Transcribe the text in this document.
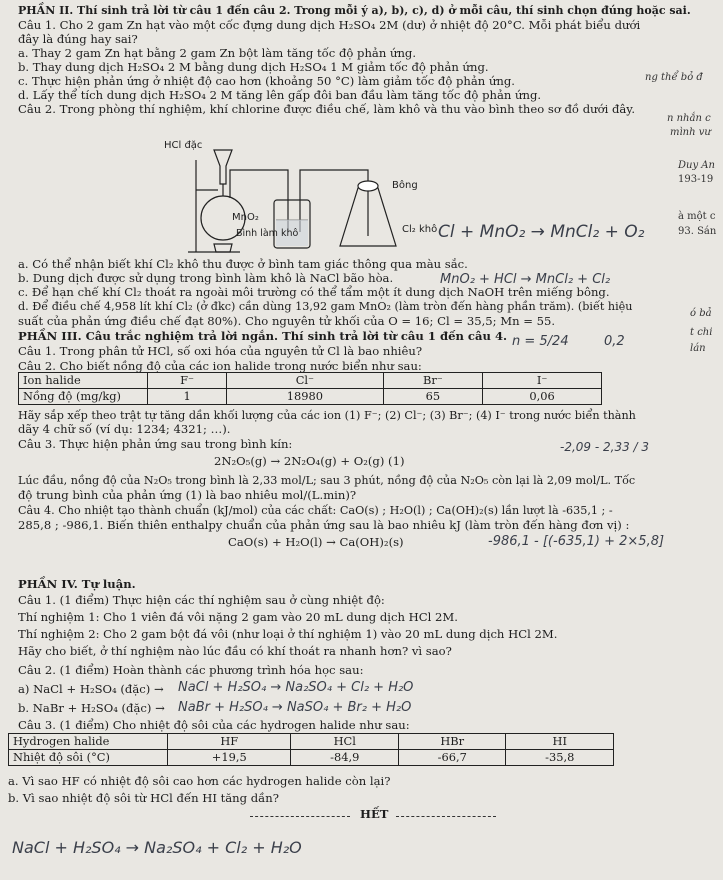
PHẦN II. Thí sinh trả lời từ câu 1 đến câu 2. Trong mỗi ý a), b), c), d) ở mỗi câu, thí sinh chọn đúng hoặc sai.
Câu 1. Cho 2 gam Zn hạt vào một cốc đựng dung dịch H₂SO₄ 2M (dư) ở nhiệt độ 20°C. Mỗi phát biểu dưới
đây là đúng hay sai?
a. Thay 2 gam Zn hạt bằng 2 gam Zn bột làm tăng tốc độ phản ứng.
b. Thay dung dịch H₂SO₄ 2 M bằng dung dịch H₂SO₄ 1 M giảm tốc độ phản ứng.
c. Thực hiện phản ứng ở nhiệt độ cao hơn (khoảng 50 °C) làm giảm tốc độ phản ứng.
d. Lấy thể tích dung dịch H₂SO₄ 2 M tăng lên gấp đôi ban đầu làm tăng tốc độ phản ứng.
Câu 2. Trong phòng thí nghiệm, khí chlorine được điều chế, làm khô và thu vào bình theo sơ đồ dưới đây.
ng thể bỏ đ
n nhắn c
mình vư
Duy An
193-19
à một c
93. Sán
ó bả
t chi
lán
HCl đặc
MnO₂
Bình làm khô
Bông
Cl₂ khô Cl + MnO₂ → MnCl₂ + O₂
MnO₂ + HCl → MnCl₂ + Cl₂
a. Có thể nhận biết khí Cl₂ khô thu được ở bình tam giác thông qua màu sắc.
b. Dung dịch được sử dụng trong bình làm khô là NaCl bão hòa.
c. Để hạn chế khí Cl₂ thoát ra ngoài môi trường có thể tẩm một ít dung dịch NaOH trên miếng bông.
d. Để điều chế 4,958 lít khí Cl₂ (ở đkc) cần dùng 13,92 gam MnO₂ (làm tròn đến hàng phần trăm). (biết hiệu
suất của phản ứng điều chế đạt 80%). Cho nguyên tử khối của O = 16; Cl = 35,5; Mn = 55.
PHẦN III. Câu trắc nghiệm trả lời ngắn. Thí sinh trả lời từ câu 1 đến câu 4. n = 5/24	0,2
Câu 1. Trong phân tử HCl, số oxi hóa của nguyên tử Cl là bao nhiêu?
Câu 2. Cho biết nồng độ của các ion halide trong nước biển như sau:
Ion halide	F⁻	Cl⁻	Br⁻	I⁻
Nồng độ (mg/kg)	1	18980	65	0,06
Hãy sắp xếp theo trật tự tăng dần khối lượng của các ion (1) F⁻; (2) Cl⁻; (3) Br⁻; (4) I⁻ trong nước biển thành
dãy 4 chữ số (ví dụ: 1234; 4321; …).
Câu 3. Thực hiện phản ứng sau trong bình kín:	-2,09 - 2,33 / 3
2N₂O₅(g) → 2N₂O₄(g) + O₂(g) (1)
Lúc đầu, nồng độ của N₂O₅ trong bình là 2,33 mol/L; sau 3 phút, nồng độ của N₂O₅ còn lại là 2,09 mol/L. Tốc
độ trung bình của phản ứng (1) là bao nhiêu mol/(L.min)?
Câu 4. Cho nhiệt tạo thành chuẩn (kJ/mol) của các chất: CaO(s) ; H₂O(l) ; Ca(OH)₂(s) lần lượt là -635,1 ; -
285,8 ; -986,1. Biến thiên enthalpy chuẩn của phản ứng sau là bao nhiêu kJ (làm tròn đến hàng đơn vị) :
CaO(s) + H₂O(l) → Ca(OH)₂(s)	-986,1 - [(-635,1) + 2×5,8]
PHẦN IV. Tự luận.
Câu 1. (1 điểm) Thực hiện các thí nghiệm sau ở cùng nhiệt độ:
Thí nghiệm 1: Cho 1 viên đá vôi nặng 2 gam vào 20 mL dung dịch HCl 2M.
Thí nghiệm 2: Cho 2 gam bột đá vôi (như loại ở thí nghiệm 1) vào 20 mL dung dịch HCl 2M.
Hãy cho biết, ở thí nghiệm nào lúc đầu có khí thoát ra nhanh hơn? vì sao?
Câu 2. (1 điểm) Hoàn thành các phương trình hóa học sau:
a) NaCl + H₂SO₄ (đặc) → NaCl + H₂SO₄ → Na₂SO₄ + Cl₂ + H₂O
b. NaBr + H₂SO₄ (đặc) → NaBr + H₂SO₄ → NaSO₄ + Br₂ + H₂O
Câu 3. (1 điểm) Cho nhiệt độ sôi của các hydrogen halide như sau:
Hydrogen halide	HF	HCl	HBr	HI
Nhiệt độ sôi (°C)	+19,5	-84,9	-66,7	-35,8
a. Vì sao HF có nhiệt độ sôi cao hơn các hydrogen halide còn lại?
b. Vì sao nhiệt độ sôi từ HCl đến HI tăng dần?
HẾT
NaCl + H₂SO₄ → Na₂SO₄ + Cl₂ + H₂O
